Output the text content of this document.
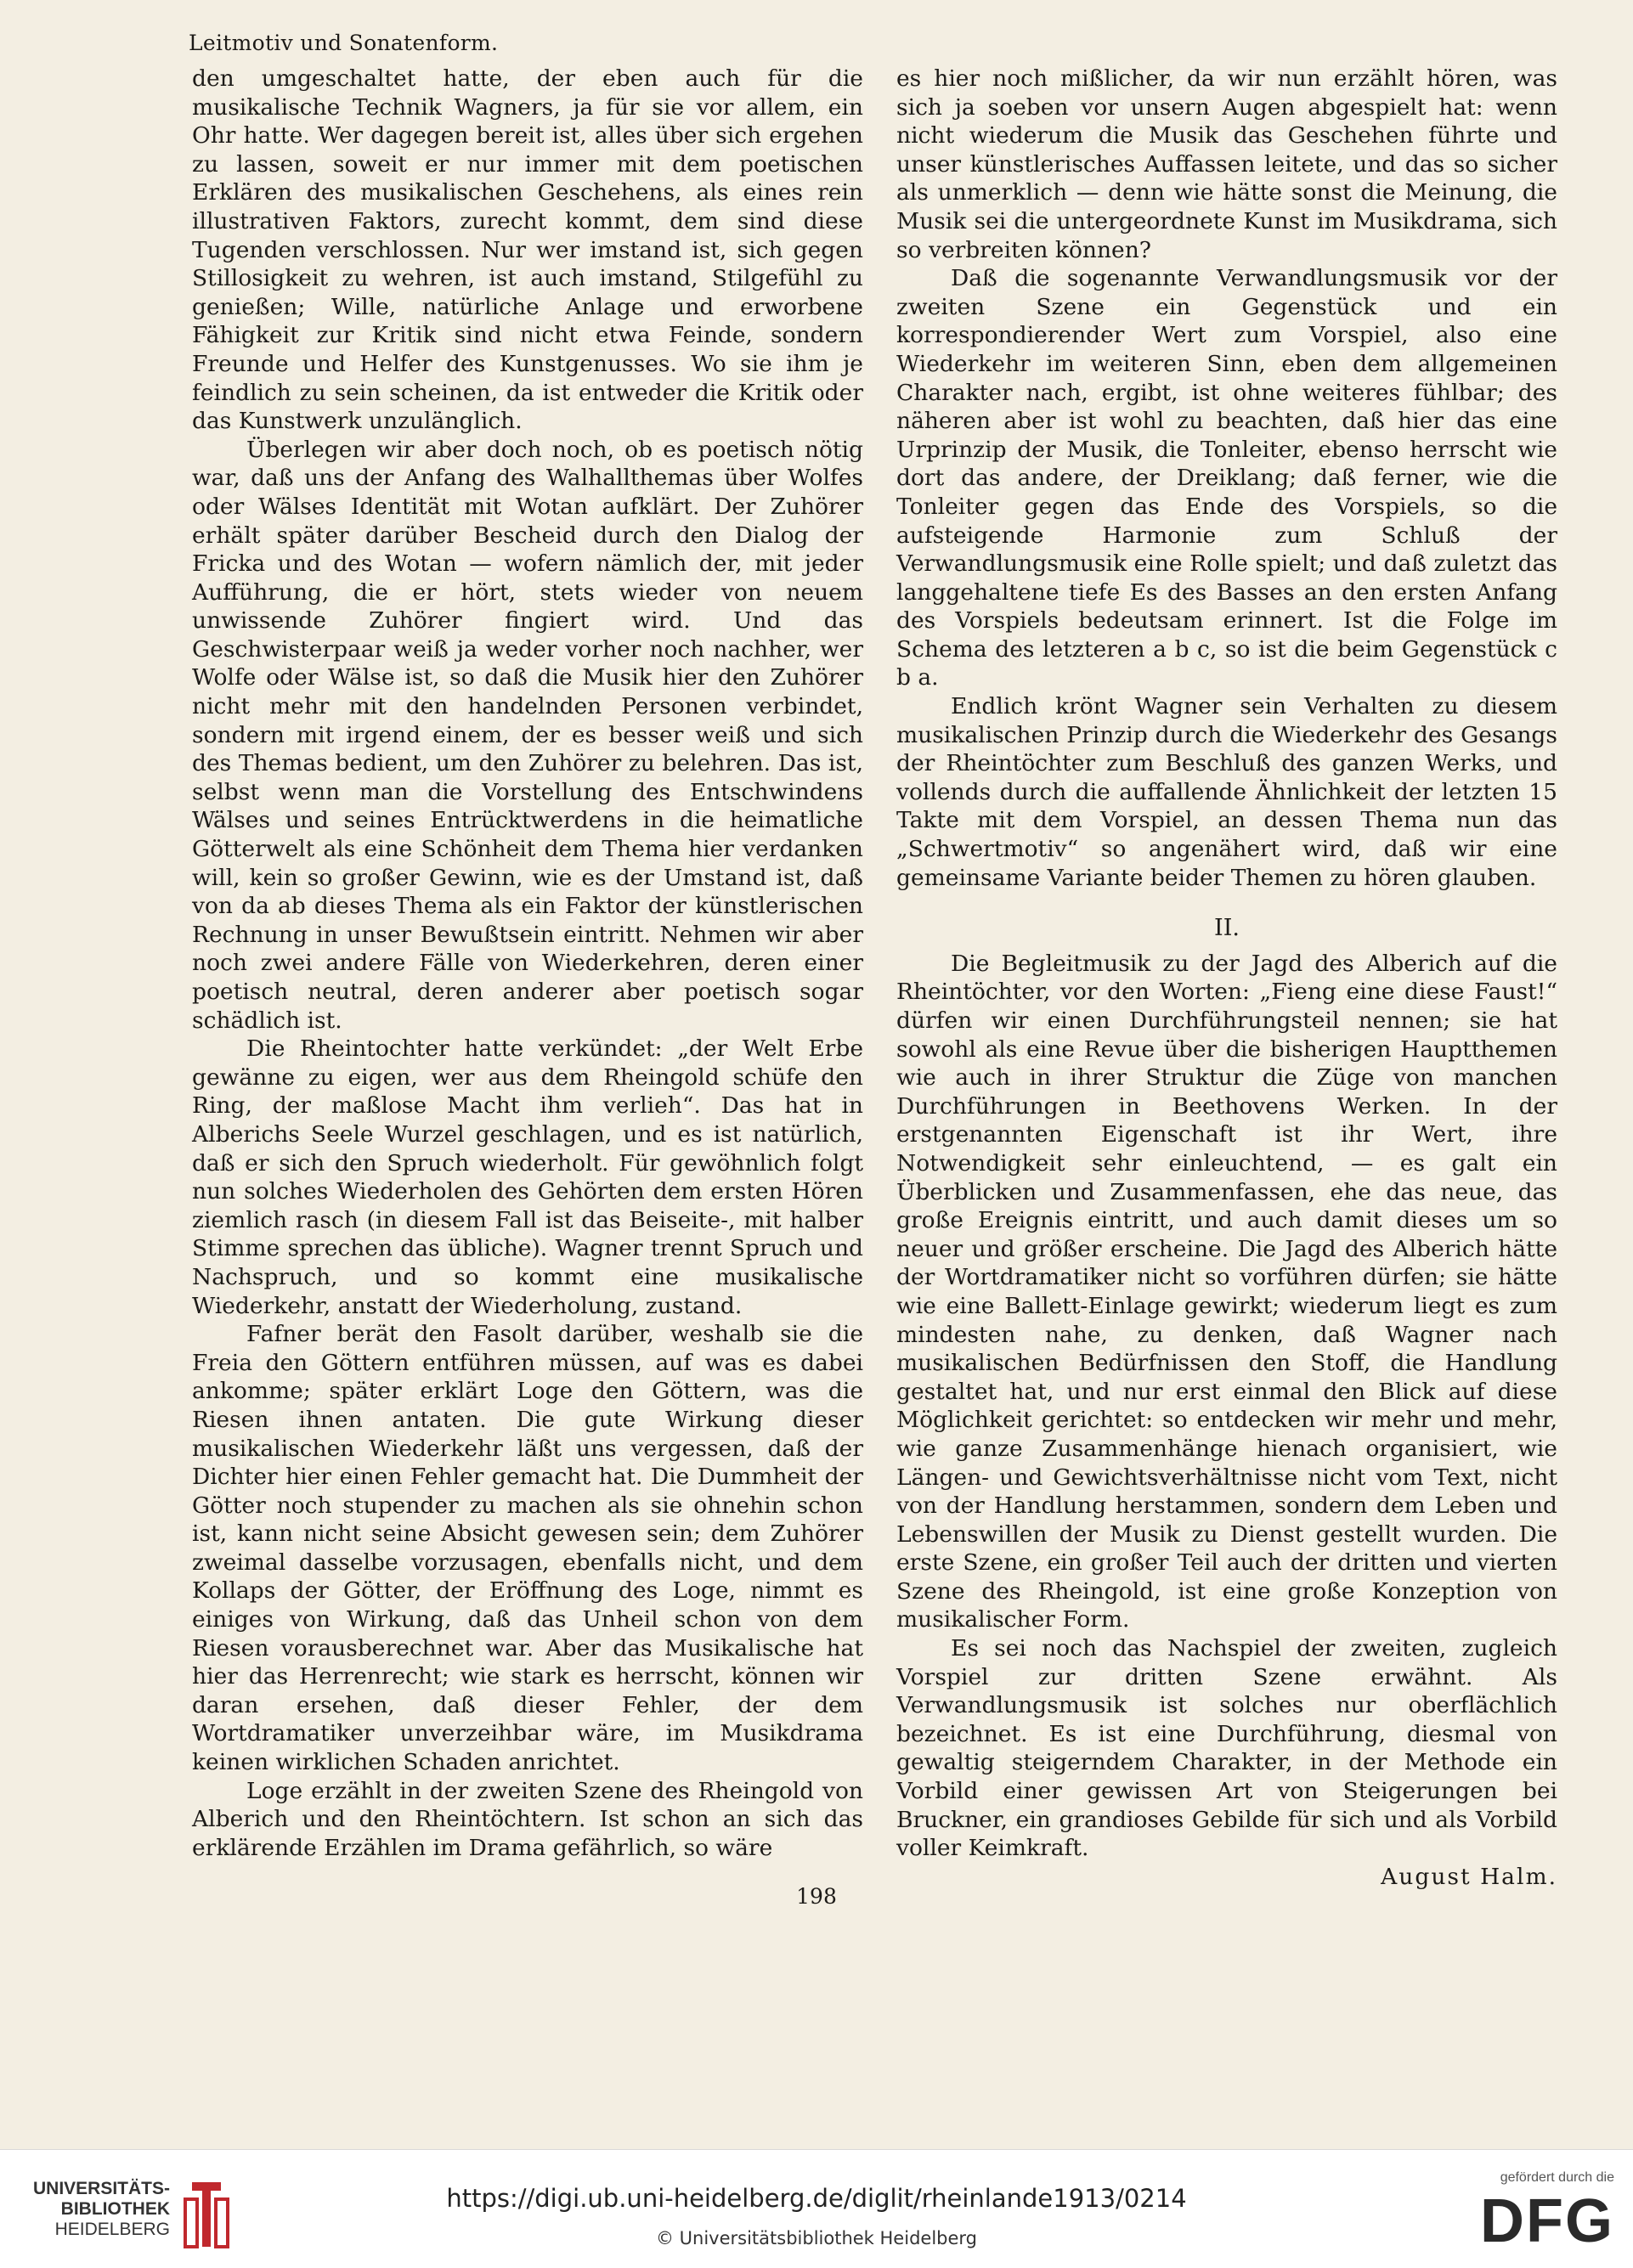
Leitmotiv und Sonatenform.

den umgeschaltet hatte, der eben auch für die musikalische Technik Wagners, ja für sie vor allem, ein Ohr hatte. Wer dagegen bereit ist, alles über sich ergehen zu lassen, soweit er nur immer mit dem poetischen Erklären des musikalischen Geschehens, als eines rein illustrativen Faktors, zurecht kommt, dem sind diese Tugenden verschlossen. Nur wer imstand ist, sich gegen Stillosigkeit zu wehren, ist auch imstand, Stilgefühl zu genießen; Wille, natürliche Anlage und erworbene Fähigkeit zur Kritik sind nicht etwa Feinde, sondern Freunde und Helfer des Kunstgenusses. Wo sie ihm je feindlich zu sein scheinen, da ist entweder die Kritik oder das Kunstwerk unzulänglich.

Überlegen wir aber doch noch, ob es poetisch nötig war, daß uns der Anfang des Walhallthemas über Wolfes oder Wälses Identität mit Wotan aufklärt. Der Zuhörer erhält später darüber Bescheid durch den Dialog der Fricka und des Wotan — wofern nämlich der, mit jeder Aufführung, die er hört, stets wieder von neuem unwissende Zuhörer fingiert wird. Und das Geschwisterpaar weiß ja weder vorher noch nachher, wer Wolfe oder Wälse ist, so daß die Musik hier den Zuhörer nicht mehr mit den handelnden Personen verbindet, sondern mit irgend einem, der es besser weiß und sich des Themas bedient, um den Zuhörer zu belehren. Das ist, selbst wenn man die Vorstellung des Entschwindens Wälses und seines Entrücktwerdens in die heimatliche Götterwelt als eine Schönheit dem Thema hier verdanken will, kein so großer Gewinn, wie es der Umstand ist, daß von da ab dieses Thema als ein Faktor der künstlerischen Rechnung in unser Bewußtsein eintritt. Nehmen wir aber noch zwei andere Fälle von Wiederkehren, deren einer poetisch neutral, deren anderer aber poetisch sogar schädlich ist.

Die Rheintochter hatte verkündet: „der Welt Erbe gewänne zu eigen, wer aus dem Rheingold schüfe den Ring, der maßlose Macht ihm verlieh“. Das hat in Alberichs Seele Wurzel geschlagen, und es ist natürlich, daß er sich den Spruch wiederholt. Für gewöhnlich folgt nun solches Wiederholen des Gehörten dem ersten Hören ziemlich rasch (in diesem Fall ist das Beiseite-, mit halber Stimme sprechen das übliche). Wagner trennt Spruch und Nachspruch, und so kommt eine musikalische Wiederkehr, anstatt der Wiederholung, zustand.

Fafner berät den Fasolt darüber, weshalb sie die Freia den Göttern entführen müssen, auf was es dabei ankomme; später erklärt Loge den Göttern, was die Riesen ihnen antaten. Die gute Wirkung dieser musikalischen Wiederkehr läßt uns vergessen, daß der Dichter hier einen Fehler gemacht hat. Die Dummheit der Götter noch stupender zu machen als sie ohnehin schon ist, kann nicht seine Absicht gewesen sein; dem Zuhörer zweimal dasselbe vorzusagen, ebenfalls nicht, und dem Kollaps der Götter, der Eröffnung des Loge, nimmt es einiges von Wirkung, daß das Unheil schon von dem Riesen vorausberechnet war. Aber das Musikalische hat hier das Herrenrecht; wie stark es herrscht, können wir daran ersehen, daß dieser Fehler, der dem Wortdramatiker unverzeihbar wäre, im Musikdrama keinen wirklichen Schaden anrichtet.

Loge erzählt in der zweiten Szene des Rheingold von Alberich und den Rheintöchtern. Ist schon an sich das erklärende Erzählen im Drama gefährlich, so wäre

es hier noch mißlicher, da wir nun erzählt hören, was sich ja soeben vor unsern Augen abgespielt hat: wenn nicht wiederum die Musik das Geschehen führte und unser künstlerisches Auffassen leitete, und das so sicher als unmerklich — denn wie hätte sonst die Meinung, die Musik sei die untergeordnete Kunst im Musikdrama, sich so verbreiten können?

Daß die sogenannte Verwandlungsmusik vor der zweiten Szene ein Gegenstück und ein korrespondierender Wert zum Vorspiel, also eine Wiederkehr im weiteren Sinn, eben dem allgemeinen Charakter nach, ergibt, ist ohne weiteres fühlbar; des näheren aber ist wohl zu beachten, daß hier das eine Urprinzip der Musik, die Tonleiter, ebenso herrscht wie dort das andere, der Dreiklang; daß ferner, wie die Tonleiter gegen das Ende des Vorspiels, so die aufsteigende Harmonie zum Schluß der Verwandlungsmusik eine Rolle spielt; und daß zuletzt das langgehaltene tiefe Es des Basses an den ersten Anfang des Vorspiels bedeutsam erinnert. Ist die Folge im Schema des letzteren a b c, so ist die beim Gegenstück c b a.

Endlich krönt Wagner sein Verhalten zu diesem musikalischen Prinzip durch die Wiederkehr des Gesangs der Rheintöchter zum Beschluß des ganzen Werks, und vollends durch die auffallende Ähnlichkeit der letzten 15 Takte mit dem Vorspiel, an dessen Thema nun das „Schwertmotiv“ so angenähert wird, daß wir eine gemeinsame Variante beider Themen zu hören glauben.

II.

Die Begleitmusik zu der Jagd des Alberich auf die Rheintöchter, vor den Worten: „Fieng eine diese Faust!“ dürfen wir einen Durchführungsteil nennen; sie hat sowohl als eine Revue über die bisherigen Hauptthemen wie auch in ihrer Struktur die Züge von manchen Durchführungen in Beethovens Werken. In der erstgenannten Eigenschaft ist ihr Wert, ihre Notwendigkeit sehr einleuchtend, — es galt ein Überblicken und Zusammenfassen, ehe das neue, das große Ereignis eintritt, und auch damit dieses um so neuer und größer erscheine. Die Jagd des Alberich hätte der Wortdramatiker nicht so vorführen dürfen; sie hätte wie eine Ballett-Einlage gewirkt; wiederum liegt es zum mindesten nahe, zu denken, daß Wagner nach musikalischen Bedürfnissen den Stoff, die Handlung gestaltet hat, und nur erst einmal den Blick auf diese Möglichkeit gerichtet: so entdecken wir mehr und mehr, wie ganze Zusammenhänge hienach organisiert, wie Längen- und Gewichtsverhältnisse nicht vom Text, nicht von der Handlung herstammen, sondern dem Leben und Lebenswillen der Musik zu Dienst gestellt wurden. Die erste Szene, ein großer Teil auch der dritten und vierten Szene des Rheingold, ist eine große Konzeption von musikalischer Form.

Es sei noch das Nachspiel der zweiten, zugleich Vorspiel zur dritten Szene erwähnt. Als Verwandlungsmusik ist solches nur oberflächlich bezeichnet. Es ist eine Durchführung, diesmal von gewaltig steigerndem Charakter, in der Methode ein Vorbild einer gewissen Art von Steigerungen bei Bruckner, ein grandioses Gebilde für sich und als Vorbild voller Keimkraft.

August Halm.

198
UNIVERSITÄTS-
BIBLIOTHEK
HEIDELBERG
https://digi.ub.uni-heidelberg.de/diglit/rheinlande1913/0214
© Universitätsbibliothek Heidelberg
gefördert durch die
DFG
